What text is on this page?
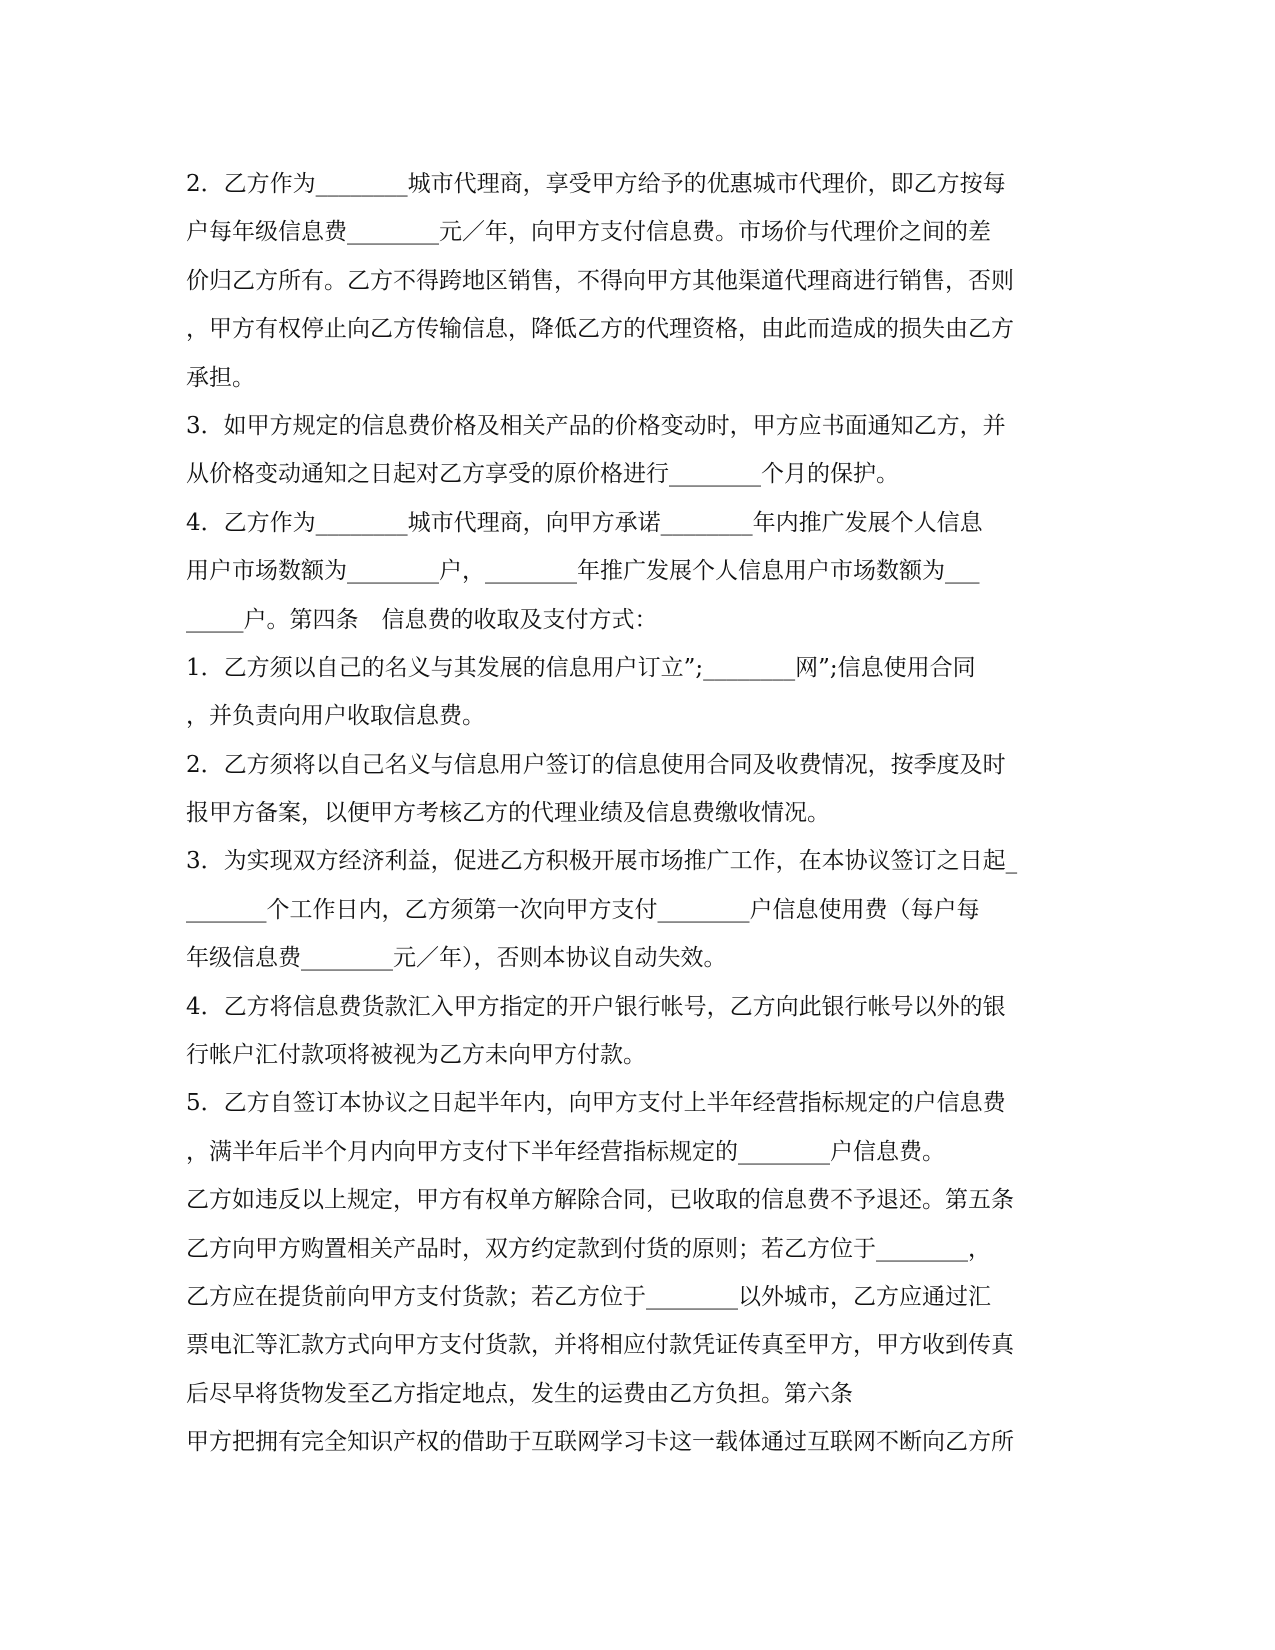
2．乙方作为________城市代理商，享受甲方给予的优惠城市代理价，即乙方按每
户每年级信息费________元／年，向甲方支付信息费。市场价与代理价之间的差
价归乙方所有。乙方不得跨地区销售，不得向甲方其他渠道代理商进行销售，否则
，甲方有权停止向乙方传输信息，降低乙方的代理资格，由此而造成的损失由乙方
承担。
3．如甲方规定的信息费价格及相关产品的价格变动时，甲方应书面通知乙方，并
从价格变动通知之日起对乙方享受的原价格进行________个月的保护。
4．乙方作为________城市代理商，向甲方承诺________年内推广发展个人信息
用户市场数额为________户，________年推广发展个人信息用户市场数额为___
_____户。第四条　信息费的收取及支付方式：
1．乙方须以自己的名义与其发展的信息用户订立”;________网”;信息使用合同
，并负责向用户收取信息费。
2．乙方须将以自己名义与信息用户签订的信息使用合同及收费情况，按季度及时
报甲方备案，以便甲方考核乙方的代理业绩及信息费缴收情况。
3．为实现双方经济利益，促进乙方积极开展市场推广工作，在本协议签订之日起_
_______个工作日内，乙方须第一次向甲方支付________户信息使用费（每户每
年级信息费________元／年），否则本协议自动失效。
4．乙方将信息费货款汇入甲方指定的开户银行帐号，乙方向此银行帐号以外的银
行帐户汇付款项将被视为乙方未向甲方付款。
5．乙方自签订本协议之日起半年内，向甲方支付上半年经营指标规定的户信息费
，满半年后半个月内向甲方支付下半年经营指标规定的________户信息费。
乙方如违反以上规定，甲方有权单方解除合同，已收取的信息费不予退还。第五条
乙方向甲方购置相关产品时，双方约定款到付货的原则；若乙方位于________，
乙方应在提货前向甲方支付货款；若乙方位于________以外城市，乙方应通过汇
票电汇等汇款方式向甲方支付货款，并将相应付款凭证传真至甲方，甲方收到传真
后尽早将货物发至乙方指定地点，发生的运费由乙方负担。第六条
甲方把拥有完全知识产权的借助于互联网学习卡这一载体通过互联网不断向乙方所
